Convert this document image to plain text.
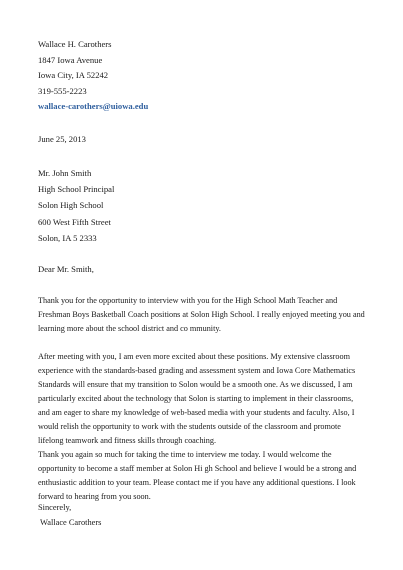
Wallace H. Carothers
1847 Iowa Avenue
Iowa City, IA 52242
319-555-2223
wallace-carothers@uiowa.edu
June 25, 2013
Mr. John Smith
High School Principal
Solon High School
600 West Fifth Street
Solon, IA 5 2333
Dear Mr. Smith,
Thank you for the opportunity to interview with you for the High School Math Teacher and
Freshman Boys Basketball Coach positions at Solon High School. I really enjoyed meeting you and
learning more about the school district and co mmunity.
After meeting with you, I am even more excited about these positions. My extensive classroom
experience with the standards-based grading and assessment system and Iowa Core Mathematics
Standards will ensure that my transition to Solon would be a smooth one. As we discussed, I am
particularly excited about the technology that Solon is starting to implement in their classrooms,
and am eager to share my knowledge of web-based media with your students and faculty. Also, I
would relish the opportunity to work with the students outside of the classroom and promote
lifelong teamwork and fitness skills through coaching.
Thank you again so much for taking the time to interview me today. I would welcome the
opportunity to become a staff member at Solon Hi gh School and believe I would be a strong and
enthusiastic addition to your team. Please contact me if you have any additional questions. I look
forward to hearing from you soon.
Sincerely,
Wallace Carothers
